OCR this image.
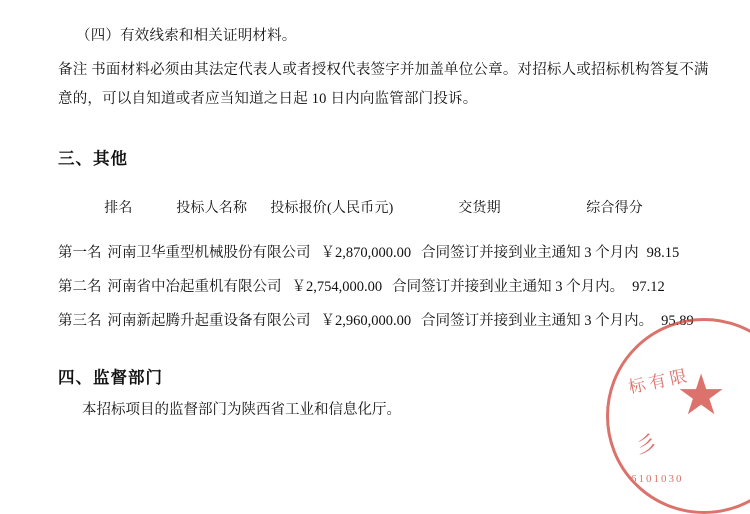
（四）有效线索和相关证明材料。

备注 书面材料必须由其法定代表人或者授权代表签字并加盖单位公章。对招标人或招标机构答复不满意的，可以自知道或者应当知道之日起 10 日内向监管部门投诉。

三、其他

排名	投标人名称 投标报价(人民币元)	交货期	综合得分

第一名 河南卫华重型机械股份有限公司 ￥2,870,000.00 合同签订并接到业主通知 3 个月内 98.15
第二名 河南省中冶起重机有限公司 ￥2,754,000.00 合同签订并接到业主通知 3 个月内。 97.12
第三名 河南新起腾升起重设备有限公司 ￥2,960,000.00 合同签订并接到业主通知 3 个月内。 95.89
四、监督部门

本招标项目的监督部门为陕西省工业和信息化厅。

标有限
彡
6101030
